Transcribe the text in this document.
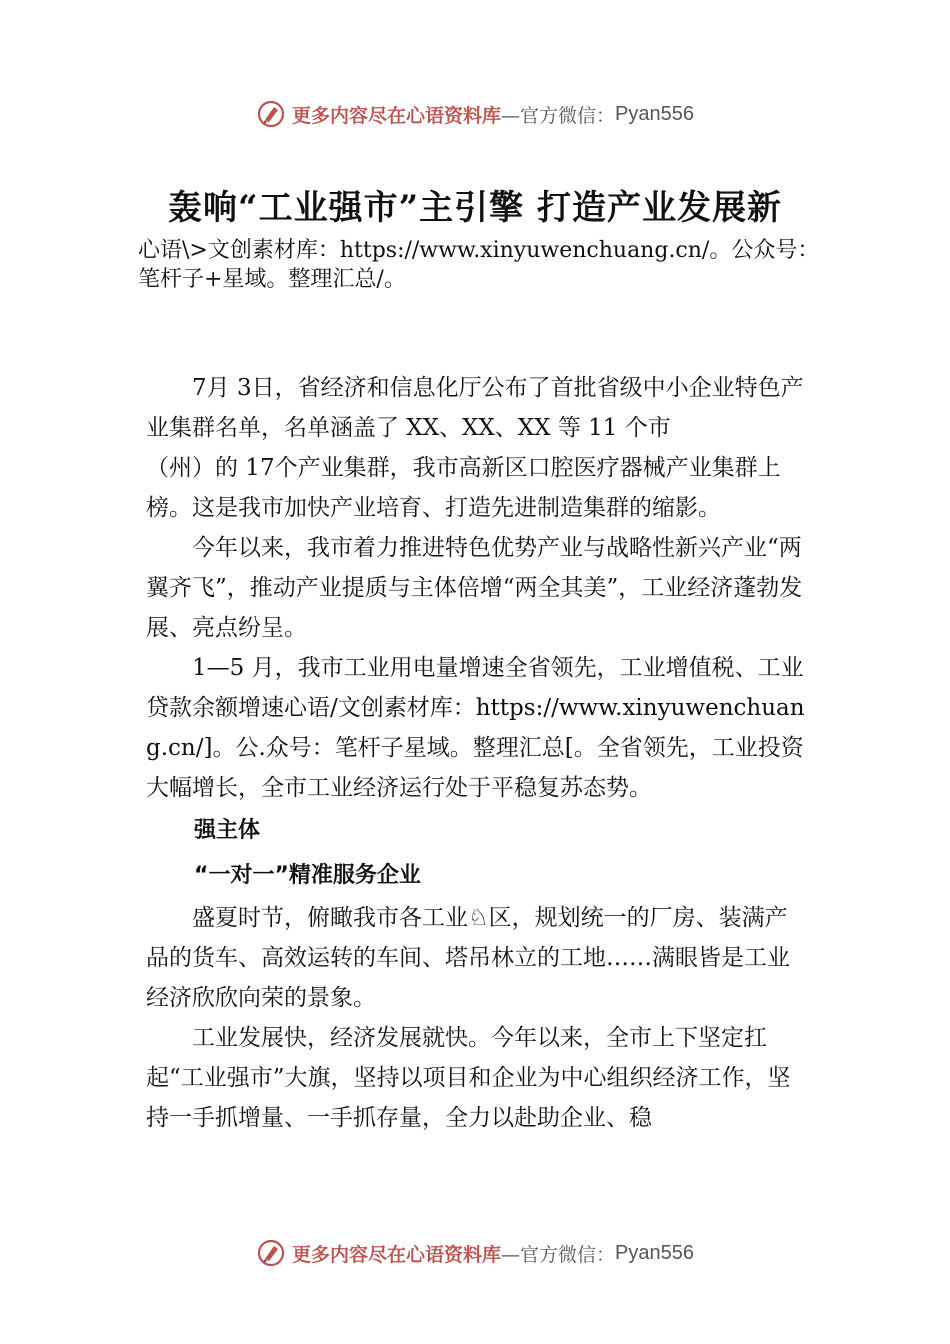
更多内容尽在心语资料库 —官方微信： Pyan556
轰响“工业强市”主引擎 打造产业发展新

心语\>文创素材库：https://www.xinyuwenchuang.cn/。公众号：笔杆子+星域。整理汇总/。

7月 3日，省经济和信息化厅公布了首批省级中小企业特色产业集群名单，名单涵盖了 XX、XX、XX 等 11 个市

（州）的 17个产业集群，我市高新区口腔医疗器械产业集群上榜。这是我市加快产业培育、打造先进制造集群的缩影。

今年以来，我市着力推进特色优势产业与战略性新兴产业“两翼齐飞”，推动产业提质与主体倍增“两全其美”，工业经济蓬勃发展、亮点纷呈。

1—5 月，我市工业用电量增速全省领先，工业增值税、工业贷款余额增速心语/文创素材库：https://www.xinyuwenchuang.cn/]。公.众号：笔杆子星域。整理汇总[。全省领先，工业投资大幅增长，全市工业经济运行处于平稳复苏态势。

强主体

“一对一”精准服务企业

盛夏时节，俯瞰我市各工业♘区，规划统一的厂房、装满产品的货车、高效运转的车间、塔吊林立的工地……满眼皆是工业经济欣欣向荣的景象。

工业发展快，经济发展就快。今年以来，全市上下坚定扛起“工业强市”大旗，坚持以项目和企业为中心组织经济工作，坚持一手抓增量、一手抓存量，全力以赴助企业、稳

更多内容尽在心语资料库 —官方微信： Pyan556
